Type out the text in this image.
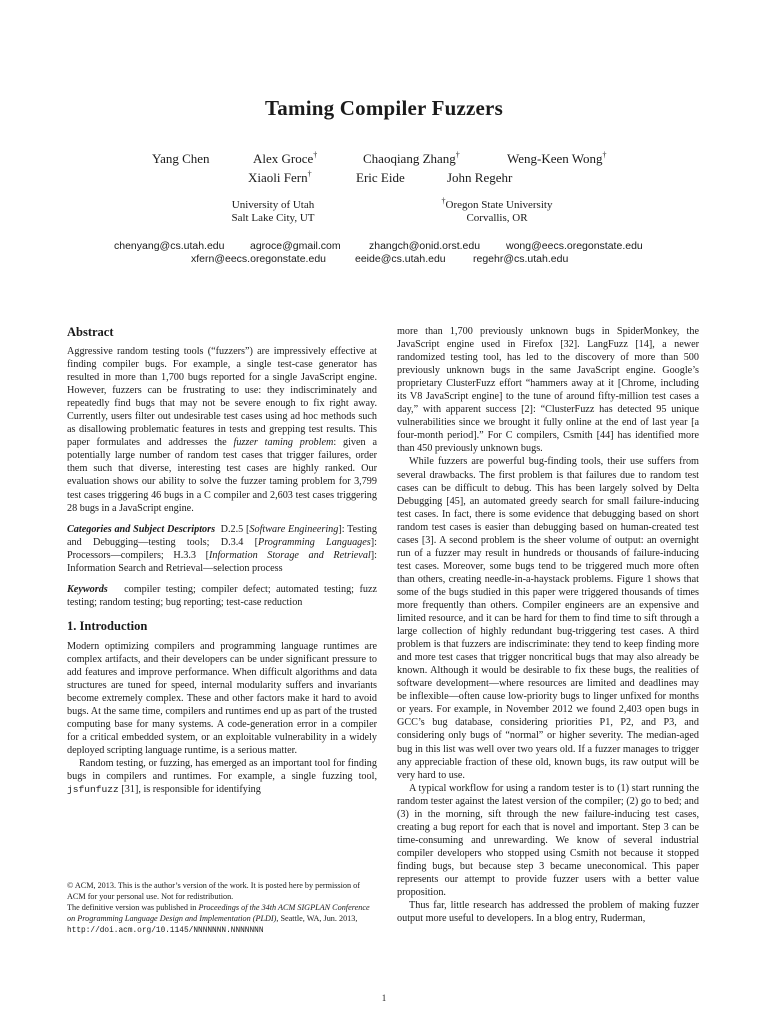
Taming Compiler Fuzzers
Yang Chen	Alex Groce†	Chaoqiang Zhang†	Weng-Keen Wong†
Xiaoli Fern†	Eric Eide	John Regehr
University of Utah
Salt Lake City, UT
†Oregon State University
Corvallis, OR
chenyang@cs.utah.edu agroce@gmail.com	zhangch@onid.orst.edu wong@eecs.oregonstate.edu
xfern@eecs.oregonstate.edu	eeide@cs.utah.edu	regehr@cs.utah.edu
Abstract

Aggressive random testing tools (“fuzzers”) are impressively effective at finding compiler bugs. For example, a single test-case generator has resulted in more than 1,700 bugs reported for a single JavaScript engine. However, fuzzers can be frustrating to use: they indiscriminately and repeatedly find bugs that may not be severe enough to fix right away. Currently, users filter out undesirable test cases using ad hoc methods such as disallowing problematic features in tests and grepping test results. This paper formulates and addresses the fuzzer taming problem: given a potentially large number of random test cases that trigger failures, order them such that diverse, interesting test cases are highly ranked. Our evaluation shows our ability to solve the fuzzer taming problem for 3,799 test cases triggering 46 bugs in a C compiler and 2,603 test cases triggering 28 bugs in a JavaScript engine.

Categories and Subject Descriptors D.2.5 [Software Engineering]: Testing and Debugging—testing tools; D.3.4 [Programming Languages]: Processors—compilers; H.3.3 [Information Storage and Retrieval]: Information Search and Retrieval—selection process

Keywords compiler testing; compiler defect; automated testing; fuzz testing; random testing; bug reporting; test-case reduction

1. Introduction

Modern optimizing compilers and programming language runtimes are complex artifacts, and their developers can be under significant pressure to add features and improve performance. When difficult algorithms and data structures are tuned for speed, internal modularity suffers and invariants become extremely complex. These and other factors make it hard to avoid bugs. At the same time, compilers and runtimes end up as part of the trusted computing base for many systems. A code-generation error in a compiler for a critical embedded system, or an exploitable vulnerability in a widely deployed scripting language runtime, is a serious matter.

Random testing, or fuzzing, has emerged as an important tool for finding bugs in compilers and runtimes. For example, a single fuzzing tool, jsfunfuzz [31], is responsible for identifying

© ACM, 2013. This is the author’s version of the work. It is posted here by permission of ACM for your personal use. Not for redistribution.

The definitive version was published in Proceedings of the 34th ACM SIGPLAN Conference on Programming Language Design and Implementation (PLDI), Seattle, WA, Jun. 2013, http://doi.acm.org/10.1145/NNNNNNN.NNNNNNN

more than 1,700 previously unknown bugs in SpiderMonkey, the JavaScript engine used in Firefox [32]. LangFuzz [14], a newer randomized testing tool, has led to the discovery of more than 500 previously unknown bugs in the same JavaScript engine. Google’s proprietary ClusterFuzz effort “hammers away at it [Chrome, including its V8 JavaScript engine] to the tune of around fifty-million test cases a day,” with apparent success [2]: “ClusterFuzz has detected 95 unique vulnerabilities since we brought it fully online at the end of last year [a four-month period].” For C compilers, Csmith [44] has identified more than 450 previously unknown bugs.

While fuzzers are powerful bug-finding tools, their use suffers from several drawbacks. The first problem is that failures due to random test cases can be difficult to debug. This has been largely solved by Delta Debugging [45], an automated greedy search for small failure-inducing test cases. In fact, there is some evidence that debugging based on short random test cases is easier than debugging based on human-created test cases [3]. A second problem is the sheer volume of output: an overnight run of a fuzzer may result in hundreds or thousands of failure-inducing test cases. Moreover, some bugs tend to be triggered much more often than others, creating needle-in-a-haystack problems. Figure 1 shows that some of the bugs studied in this paper were triggered thousands of times more frequently than others. Compiler engineers are an expensive and limited resource, and it can be hard for them to find time to sift through a large collection of highly redundant bug-triggering test cases. A third problem is that fuzzers are indiscriminate: they tend to keep finding more and more test cases that trigger noncritical bugs that may also already be known. Although it would be desirable to fix these bugs, the realities of software development—where resources are limited and deadlines may be inflexible—often cause low-priority bugs to linger unfixed for months or years. For example, in November 2012 we found 2,403 open bugs in GCC’s bug database, considering priorities P1, P2, and P3, and considering only bugs of “normal” or higher severity. The median-aged bug in this list was well over two years old. If a fuzzer manages to trigger any appreciable fraction of these old, known bugs, its raw output will be very hard to use.

A typical workflow for using a random tester is to (1) start running the random tester against the latest version of the compiler; (2) go to bed; and (3) in the morning, sift through the new failure-inducing test cases, creating a bug report for each that is novel and important. Step 3 can be time-consuming and unrewarding. We know of several industrial compiler developers who stopped using Csmith not because it stopped finding bugs, but because step 3 became uneconomical. This paper represents our attempt to provide fuzzer users with a better value proposition.

Thus far, little research has addressed the problem of making fuzzer output more useful to developers. In a blog entry, Ruderman,

1
